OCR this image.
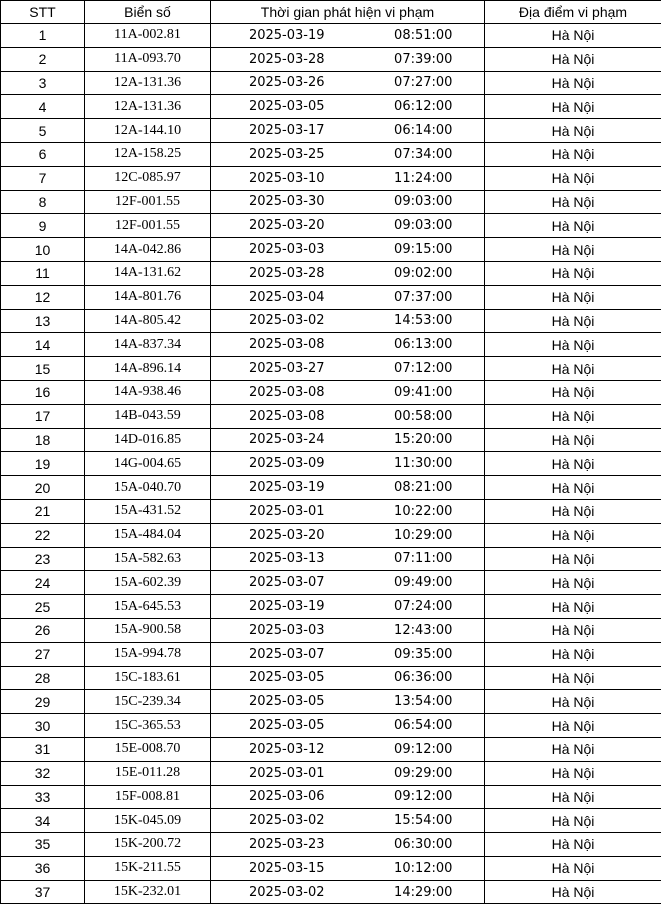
STT	Biển số	Thời gian phát hiện vi phạm		Địa điểm vi phạm
1	11A-002.81	2025-03-19	08:51:00	Hà Nội
2	11A-093.70	2025-03-28	07:39:00	Hà Nội
3	12A-131.36	2025-03-26	07:27:00	Hà Nội
4	12A-131.36	2025-03-05	06:12:00	Hà Nội
5	12A-144.10	2025-03-17	06:14:00	Hà Nội
6	12A-158.25	2025-03-25	07:34:00	Hà Nội
7	12C-085.97	2025-03-10	11:24:00	Hà Nội
8	12F-001.55	2025-03-30	09:03:00	Hà Nội
9	12F-001.55	2025-03-20	09:03:00	Hà Nội
10	14A-042.86	2025-03-03	09:15:00	Hà Nội
11	14A-131.62	2025-03-28	09:02:00	Hà Nội
12	14A-801.76	2025-03-04	07:37:00	Hà Nội
13	14A-805.42	2025-03-02	14:53:00	Hà Nội
14	14A-837.34	2025-03-08	06:13:00	Hà Nội
15	14A-896.14	2025-03-27	07:12:00	Hà Nội
16	14A-938.46	2025-03-08	09:41:00	Hà Nội
17	14B-043.59	2025-03-08	00:58:00	Hà Nội
18	14D-016.85	2025-03-24	15:20:00	Hà Nội
19	14G-004.65	2025-03-09	11:30:00	Hà Nội
20	15A-040.70	2025-03-19	08:21:00	Hà Nội
21	15A-431.52	2025-03-01	10:22:00	Hà Nội
22	15A-484.04	2025-03-20	10:29:00	Hà Nội
23	15A-582.63	2025-03-13	07:11:00	Hà Nội
24	15A-602.39	2025-03-07	09:49:00	Hà Nội
25	15A-645.53	2025-03-19	07:24:00	Hà Nội
26	15A-900.58	2025-03-03	12:43:00	Hà Nội
27	15A-994.78	2025-03-07	09:35:00	Hà Nội
28	15C-183.61	2025-03-05	06:36:00	Hà Nội
29	15C-239.34	2025-03-05	13:54:00	Hà Nội
30	15C-365.53	2025-03-05	06:54:00	Hà Nội
31	15E-008.70	2025-03-12	09:12:00	Hà Nội
32	15E-011.28	2025-03-01	09:29:00	Hà Nội
33	15F-008.81	2025-03-06	09:12:00	Hà Nội
34	15K-045.09	2025-03-02	15:54:00	Hà Nội
35	15K-200.72	2025-03-23	06:30:00	Hà Nội
36	15K-211.55	2025-03-15	10:12:00	Hà Nội
37	15K-232.01	2025-03-02	14:29:00	Hà Nội
